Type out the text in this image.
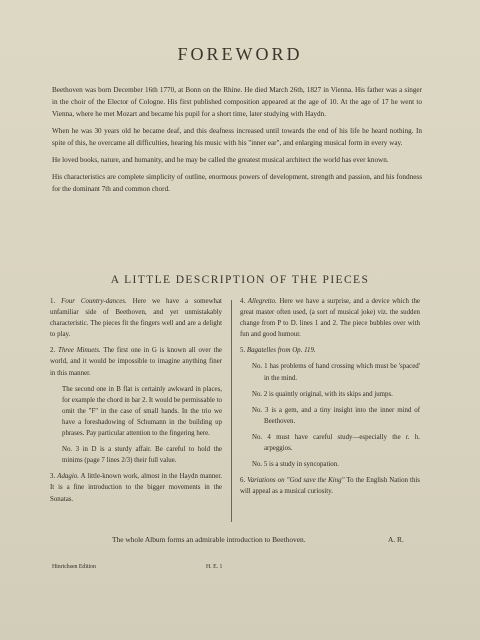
FOREWORD

Beethoven was born December 16th 1770, at Bonn on the Rhine. He died March 26th, 1827 in Vienna. His father was a singer in the choir of the Elector of Cologne. His first published composition appeared at the age of 10. At the age of 17 he went to Vienna, where he met Mozart and became his pupil for a short time, later studying with Haydn.

When he was 30 years old he became deaf, and this deafness increased until towards the end of his life he heard nothing. In spite of this, he overcame all difficulties, hearing his music with his "inner ear", and enlarging musical form in every way.

He loved books, nature, and humanity, and he may be called the greatest musical architect the world has ever known.

His characteristics are complete simplicity of outline, enormous powers of development, strength and passion, and his fondness for the dominant 7th and common chord.

A LITTLE DESCRIPTION OF THE PIECES
1. Four Country-dances. Here we have a somewhat unfamiliar side of Beethoven, and yet unmistakably characteristic. The pieces fit the fingers well and are a delight to play.
2. Three Minuets. The first one in G is known all over the world, and it would be impossible to imagine anything finer in this manner.
The second one in B flat is certainly awkward in places, for example the chord in bar 2. It would be permissable to omit the "F" in the case of small hands. In the trio we have a foreshadowing of Schumann in the building up phrases. Pay particular attention to the fingering here.
No. 3 in D is a sturdy affair. Be careful to hold the minims (page 7 lines 2/3) their full value.
3. Adagio. A little-known work, almost in the Haydn manner. It is a fine introduction to the bigger movements in the Sonatas.
4. Allegretto. Here we have a surprise, and a device which the great master often used, (a sort of musical joke) viz. the sudden change from P to D. lines 1 and 2. The piece bubbles over with fun and good humour.
5. Bagatelles from Op. 119.
No. 1 has problems of hand crossing which must be 'spaced' in the mind.
No. 2 is quaintly original, with its skips and jumps.
No. 3 is a gem, and a tiny insight into the inner mind of Beethoven.
No. 4 must have careful study—especially the r. h. arpeggios.
No. 5 is a study in syncopation.
6. Variations on "God save the King" To the English Nation this will appeal as a musical curiosity.
The whole Album forms an admirable introduction to Beethoven.	A. R.
Hinrichsen Edition	H. E. 1
